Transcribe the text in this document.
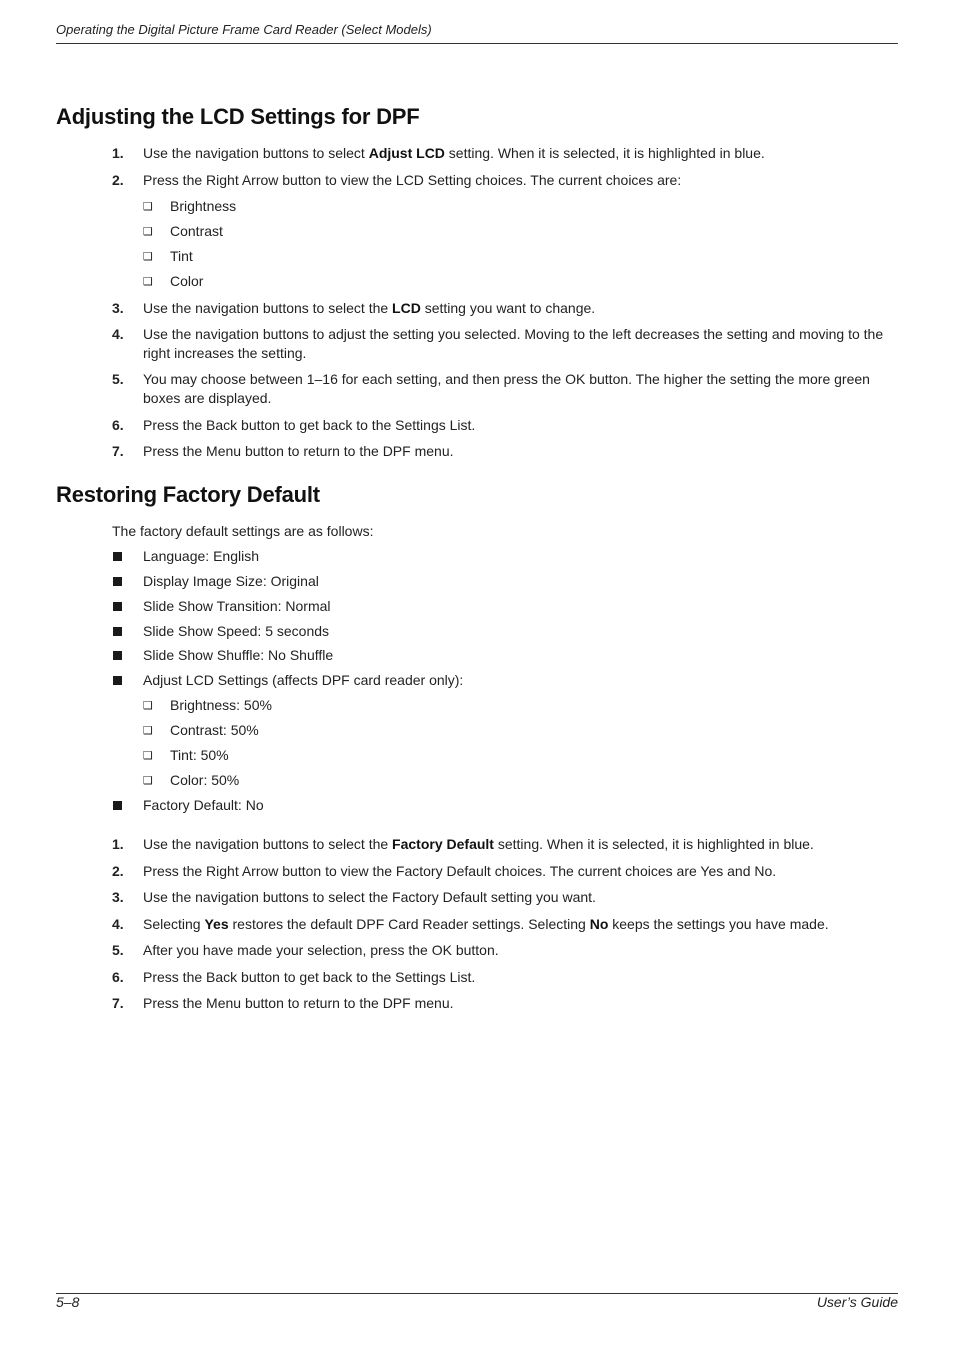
Operating the Digital Picture Frame Card Reader (Select Models)
Adjusting the LCD Settings for DPF
1. Use the navigation buttons to select Adjust LCD setting. When it is selected, it is highlighted in blue.
2. Press the Right Arrow button to view the LCD Setting choices. The current choices are:
❑ Brightness
❑ Contrast
❑ Tint
❑ Color
3. Use the navigation buttons to select the LCD setting you want to change.
4. Use the navigation buttons to adjust the setting you selected. Moving to the left decreases the setting and moving to the right increases the setting.
5. You may choose between 1–16 for each setting, and then press the OK button. The higher the setting the more green boxes are displayed.
6. Press the Back button to get back to the Settings List.
7. Press the Menu button to return to the DPF menu.
Restoring Factory Default
The factory default settings are as follows:
Language: English
Display Image Size: Original
Slide Show Transition: Normal
Slide Show Speed: 5 seconds
Slide Show Shuffle: No Shuffle
Adjust LCD Settings (affects DPF card reader only):
❑ Brightness: 50%
❑ Contrast: 50%
❑ Tint: 50%
❑ Color: 50%
Factory Default: No
1. Use the navigation buttons to select the Factory Default setting. When it is selected, it is highlighted in blue.
2. Press the Right Arrow button to view the Factory Default choices. The current choices are Yes and No.
3. Use the navigation buttons to select the Factory Default setting you want.
4. Selecting Yes restores the default DPF Card Reader settings. Selecting No keeps the settings you have made.
5. After you have made your selection, press the OK button.
6. Press the Back button to get back to the Settings List.
7. Press the Menu button to return to the DPF menu.
5–8	User’s Guide
